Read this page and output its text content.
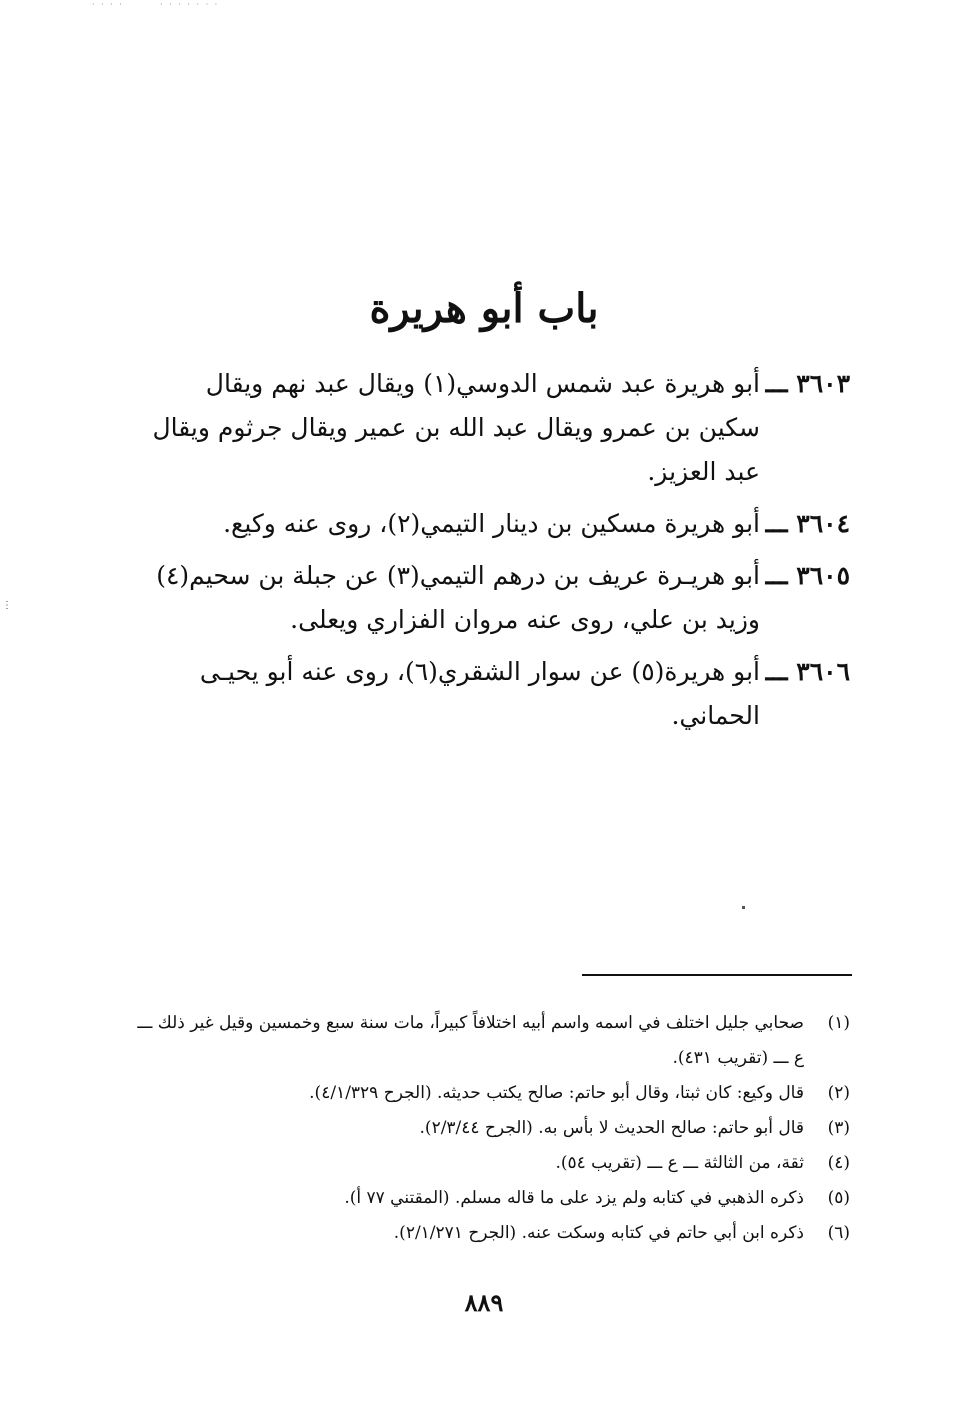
· · · ·        · · · · · · ·
⋮
باب أبو هريرة

٣٦٠٣ ـــأبو هريرة عبد شمس الدوسي(١) ويقال عبد نهم ويقال سكين بن عمرو ويقال عبد الله بن عمير ويقال جرثوم ويقال عبد العزيز.

٣٦٠٤ ـــأبو هريرة مسكين بن دينار التيمي(٢)، روى عنه وكيع.

٣٦٠٥ ـــأبو هريـرة عريف بن درهم التيمي(٣) عن جبلة بن سحيم(٤) وزيد بن علي، روى عنه مروان الفزاري ويعلى.

٣٦٠٦ ـــأبو هريرة(٥) عن سوار الشقري(٦)، روى عنه أبو يحيـى الحماني.

(١)صحابي جليل اختلف في اسمه واسم أبيه اختلافاً كبيراً، مات سنة سبع وخمسين وقيل غير ذلك ـــ ع ـــ (تقريب ٤٣١).

(٢)قال وكيع: كان ثبتا، وقال أبو حاتم: صالح يكتب حديثه. (الجرح ٤/١/٣٢٩).

(٣)قال أبو حاتم: صالح الحديث لا بأس به. (الجرح ٢/٣/٤٤).

(٤)ثقة، من الثالثة ـــ ع ـــ (تقريب ٥٤).

(٥)ذكره الذهبي في كتابه ولم يزد على ما قاله مسلم. (المقتني ٧٧ أ).

(٦)ذكره ابن أبي حاتم في كتابه وسكت عنه. (الجرح ٢/١/٢٧١).

٨٨٩
